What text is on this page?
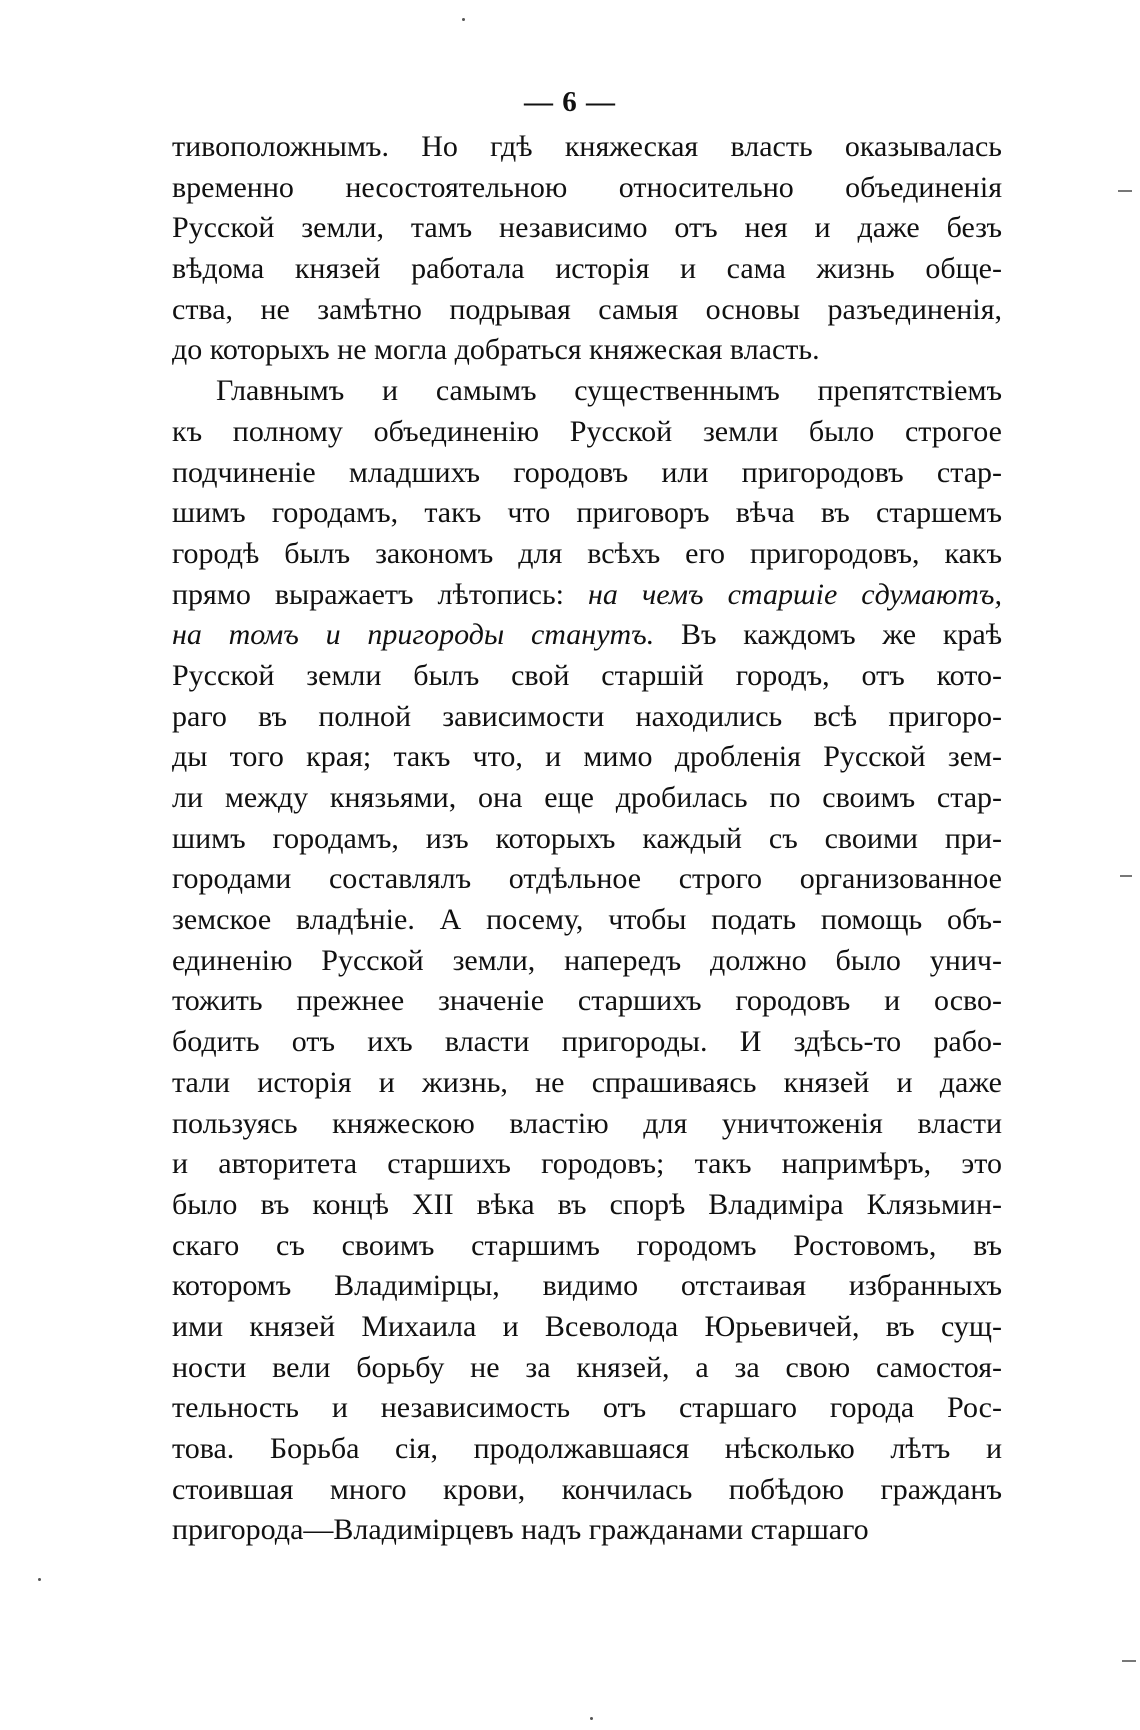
— 6 —
тивоположнымъ. Но гдѣ княжеская власть оказывалась
временно несостоятельною относительно объединенія
Русской земли, тамъ независимо отъ нея и даже безъ
вѣдома князей работала исторія и сама жизнь обще-
ства, не замѣтно подрывая самыя основы разъединенія,
до которыхъ не могла добраться княжеская власть.
Главнымъ и самымъ существеннымъ препятствіемъ
къ полному объединенію Русской земли было строгое
подчиненіе младшихъ городовъ или пригородовъ стар-
шимъ городамъ, такъ что приговоръ вѣча въ старшемъ
городѣ былъ закономъ для всѣхъ его пригородовъ, какъ
прямо выражаетъ лѣтопись: на чемъ старшіе сдумаютъ,
на томъ и пригороды станутъ. Въ каждомъ же краѣ
Русской земли былъ свой старшій городъ, отъ кото-
раго въ полной зависимости находились всѣ пригоро-
ды того края; такъ что, и мимо дробленія Русской зем-
ли между князьями, она еще дробилась по своимъ стар-
шимъ городамъ, изъ которыхъ каждый съ своими при-
городами составлялъ отдѣльное строго организованное
земское владѣніе. А посему, чтобы подать помощь объ-
единенію Русской земли, напередъ должно было унич-
тожить прежнее значеніе старшихъ городовъ и осво-
бодить отъ ихъ власти пригороды. И здѣсь-то рабо-
тали исторія и жизнь, не спрашиваясь князей и даже
пользуясь княжескою властію для уничтоженія власти
и авторитета старшихъ городовъ; такъ напримѣръ, это
было въ концѣ XII вѣка въ спорѣ Владиміра Клязьмин-
скаго съ своимъ старшимъ городомъ Ростовомъ, въ
которомъ Владимірцы, видимо отстаивая избранныхъ
ими князей Михаила и Всеволода Юрьевичей, въ сущ-
ности вели борьбу не за князей, а за свою самостоя-
тельность и независимость отъ старшаго города Рос-
това. Борьба сія, продолжавшаяся нѣсколько лѣтъ и
стоившая много крови, кончилась побѣдою гражданъ
пригорода—Владимірцевъ надъ гражданами старшаго
